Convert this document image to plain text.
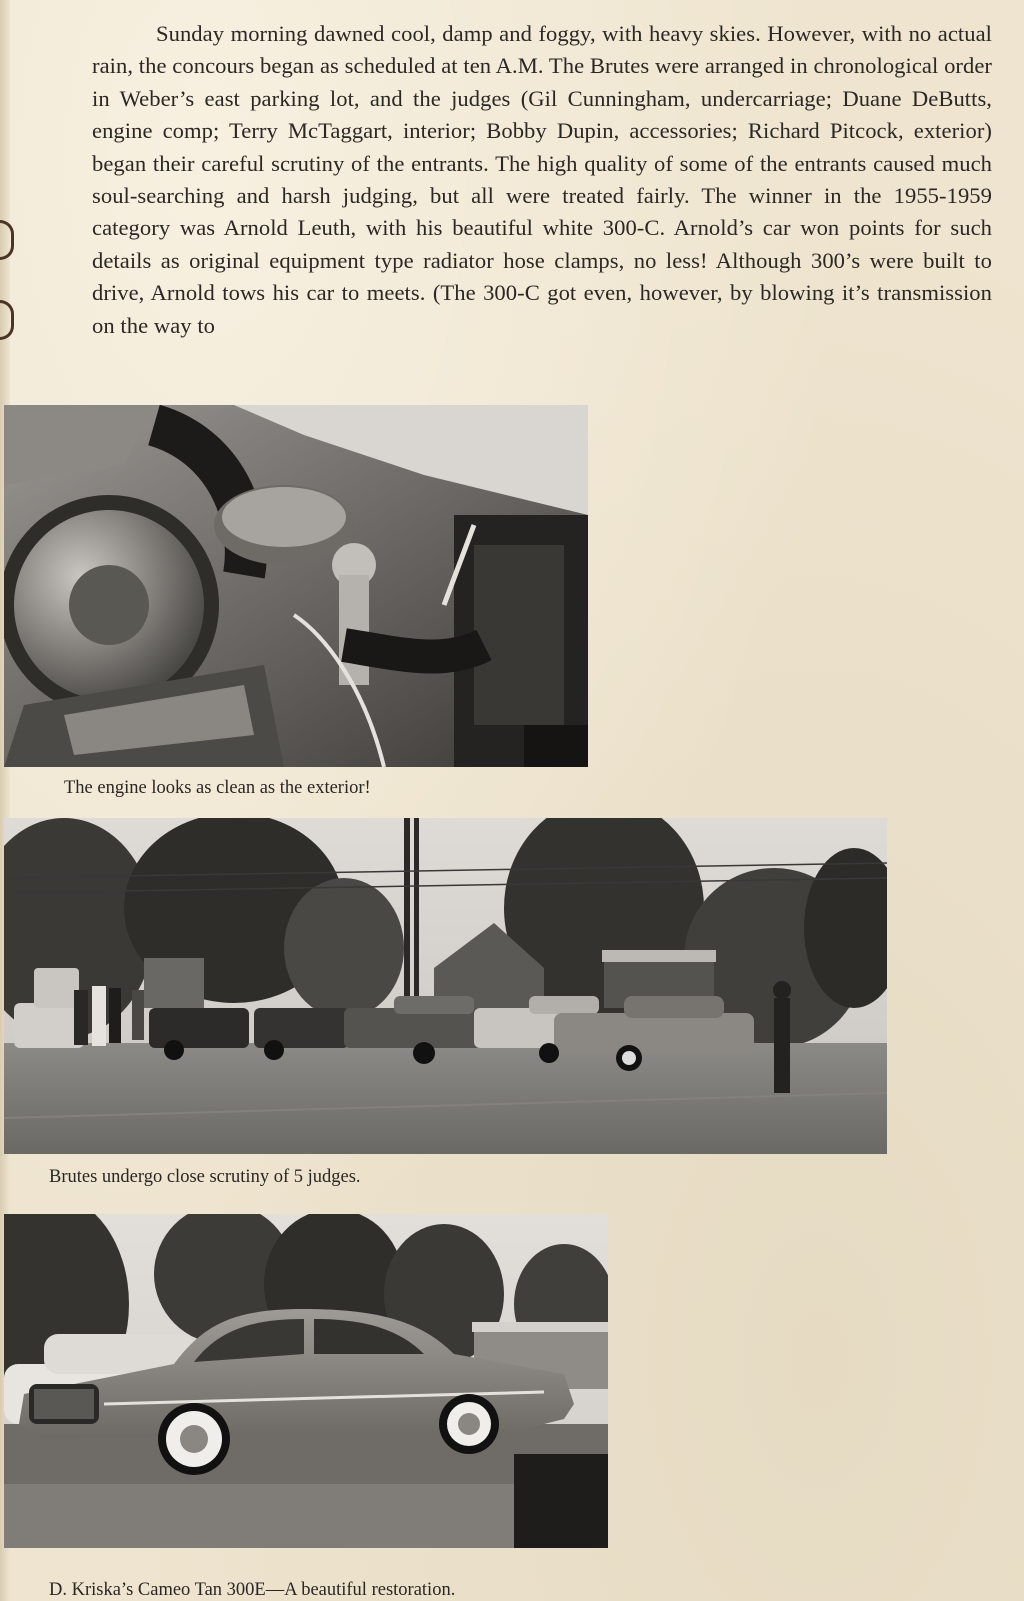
Sunday morning dawned cool, damp and foggy, with heavy skies. However, with no actual rain, the concours began as scheduled at ten A.M. The Brutes were arranged in chronological order in Weber’s east parking lot, and the judges (Gil Cunningham, undercarriage; Duane DeButts, engine comp; Terry McTaggart, interior; Bobby Dupin, accessories; Richard Pitcock, exterior) began their careful scrutiny of the entrants. The high quality of some of the entrants caused much soul-searching and harsh judging, but all were treated fairly. The winner in the 1955-1959 category was Arnold Leuth, with his beautiful white 300-C. Arnold’s car won points for such details as original equipment type radiator hose clamps, no less! Although 300’s were built to drive, Arnold tows his car to meets. (The 300-C got even, however, by blowing it’s transmission on the way to

The engine looks as clean as the exterior!
Brutes undergo close scrutiny of 5 judges.
D. Kriska’s Cameo Tan 300E—A beautiful restoration.
